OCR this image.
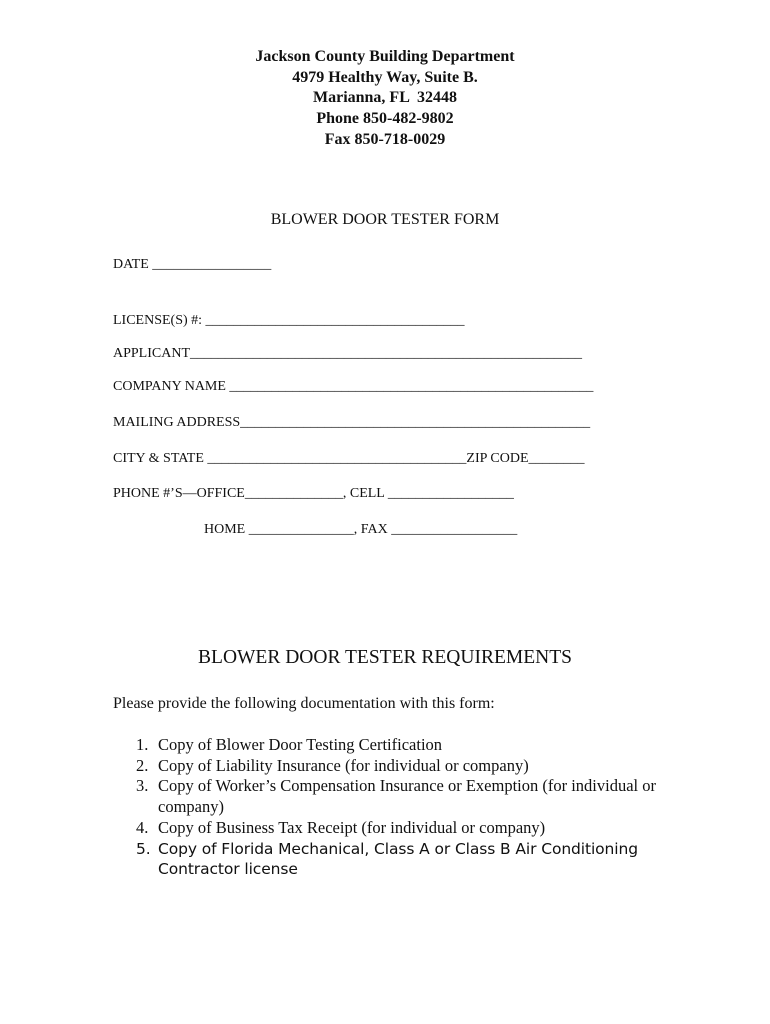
Jackson County Building Department
4979 Healthy Way, Suite B.
Marianna, FL  32448
Phone 850-482-9802
Fax 850-718-0029
BLOWER DOOR TESTER FORM
DATE _________________
LICENSE(S) #: _____________________________________
APPLICANT________________________________________________________
COMPANY NAME ____________________________________________________
MAILING ADDRESS__________________________________________________
CITY & STATE _____________________________________ZIP CODE________
PHONE #’S—OFFICE______________, CELL __________________
HOME _______________, FAX __________________
BLOWER DOOR TESTER REQUIREMENTS
Please provide the following documentation with this form:
1. Copy of Blower Door Testing Certification
2. Copy of Liability Insurance (for individual or company)
3. Copy of Worker’s Compensation Insurance or Exemption (for individual or company)
4. Copy of Business Tax Receipt (for individual or company)
5. Copy of Florida Mechanical, Class A or Class B Air Conditioning Contractor license
